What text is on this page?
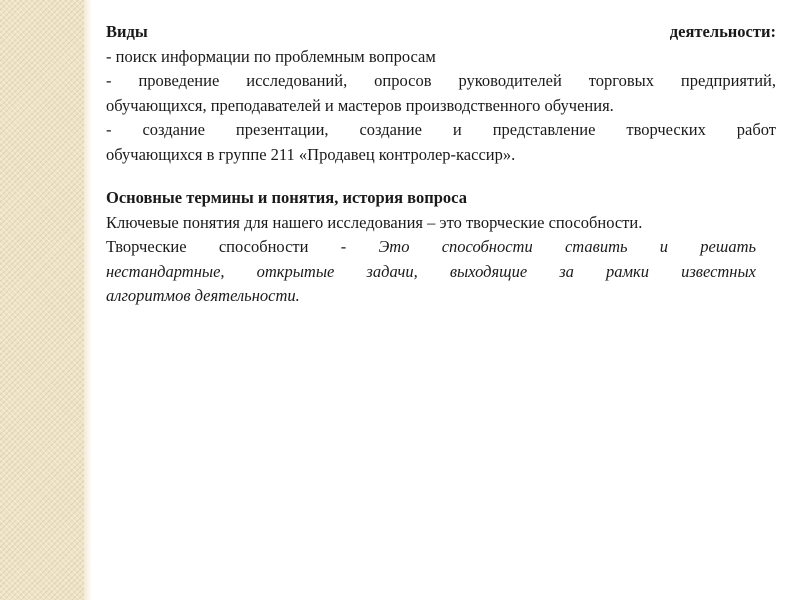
Виды	деятельности:
- поиск информации по проблемным вопросам
- проведение исследований, опросов руководителей торговых предприятий,
обучающихся, преподавателей и мастеров производственного обучения.
- создание презентации, создание и представление творческих работ
обучающихся в группе 211 «Продавец контролер-кассир».
Основные термины и понятия, история вопроса
Ключевые понятия для нашего исследования – это творческие способности.
Творческие способности - Это способности ставить и решать
нестандартные, открытые задачи, выходящие за рамки известных
алгоритмов деятельности.
